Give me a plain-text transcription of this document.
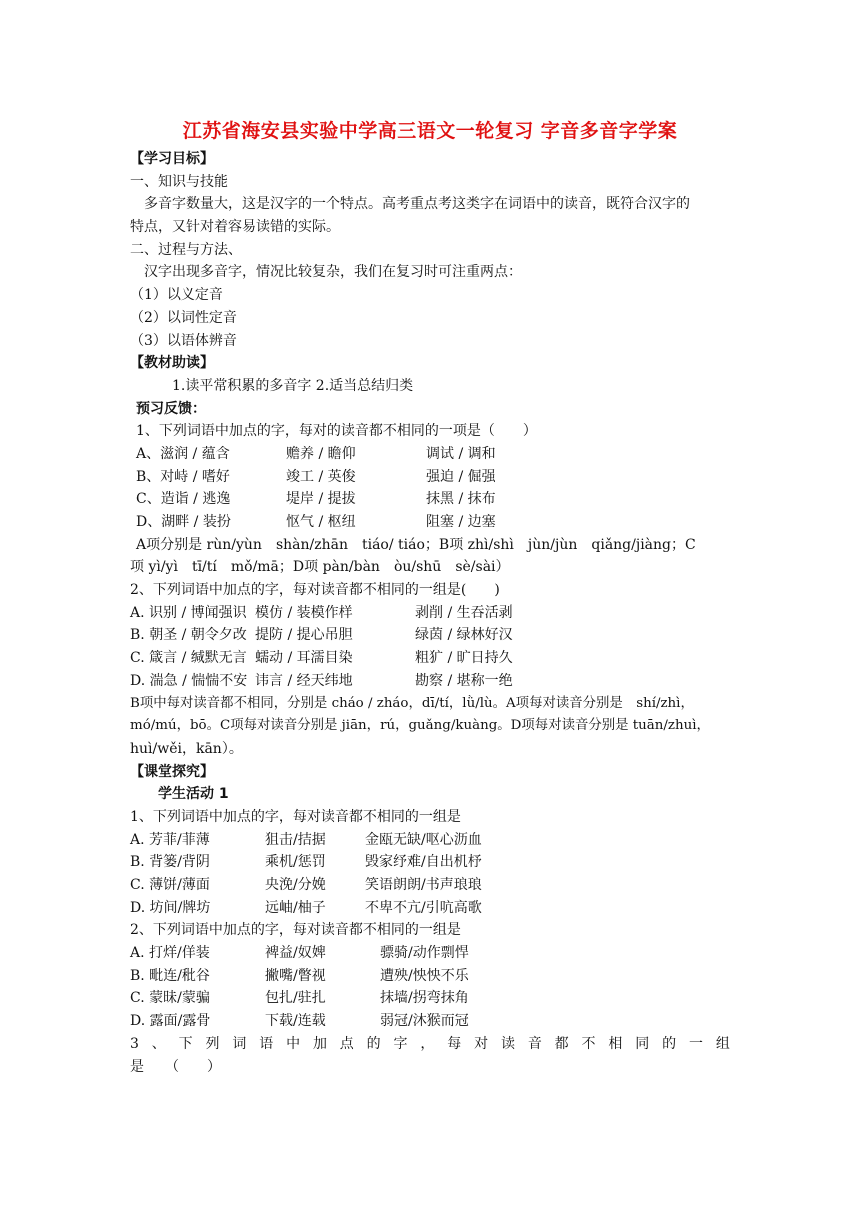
江苏省海安县实验中学高三语文一轮复习 字音多音字学案
【学习目标】
一、知识与技能
多音字数量大，这是汉字的一个特点。高考重点考这类字在词语中的读音，既符合汉字的
特点，又针对着容易读错的实际。
二、过程与方法、
汉字出现多音字，情况比较复杂，我们在复习时可注重两点：
（1）以义定音
（2）以词性定音
（3）以语体辨音
【教材助读】
1.读平常积累的多音字 2.适当总结归类
预习反馈：
1、下列词语中加点的字，每对的读音都不相同的一项是（　　）
A、滋润 / 蕴含	赡养 / 瞻仰	调试 / 调和
B、对峙 / 嗜好	竣工 / 英俊	强迫 / 倔强
C、造诣 / 逃逸	堤岸 / 提拔	抹黑 / 抹布
D、湖畔 / 装扮	怄气 / 枢纽	阻塞 / 边塞
A项分别是 rùn/yùn　shàn/zhān　tiáo/ tiáo；B项 zhì/shì　jùn/jùn　qiǎng/jiàng；C
项 yì/yì　tī/tí　mǒ/mā；D项 pàn/bàn　òu/shū　sè/sài）
2、下列词语中加点的字，每对读音都不相同的一组是(　　)
A. 识别 / 博闻强识 模仿 / 装模作样	剥削 / 生吞活剥
B. 朝圣 / 朝令夕改 提防 / 提心吊胆	绿茵 / 绿林好汉
C. 箴言 / 缄默无言 蠕动 / 耳濡目染	粗犷 / 旷日持久
D. 湍急 / 惴惴不安 讳言 / 经天纬地	勘察 / 堪称一绝
B项中每对读音都不相同，分别是 cháo / zháo，dī/tí，lǜ/lù。A项每对读音分别是　shí/zhì，
mó/mú，bō。C项每对读音分别是 jiān，rú，guǎng/kuàng。D项每对读音分别是 tuān/zhuì，
huì/wěi，kān）。
【课堂探究】
学生活动 1
1、下列词语中加点的字，每对读音都不相同的一组是
A. 芳菲/菲薄	狙击/拮据	金瓯无缺/呕心沥血
B. 背篓/背阴	乘机/惩罚	毁家纾难/自出机杼
C. 薄饼/薄面	央浼/分娩	笑语朗朗/书声琅琅
D. 坊间/牌坊	远岫/柚子	不卑不亢/引吭高歌
2、下列词语中加点的字，每对读音都不相同的一组是
A. 打烊/佯装	裨益/奴婢	骠骑/动作剽悍
B. 毗连/秕谷	撇嘴/瞥视	遭殃/怏怏不乐
C. 蒙昧/蒙骗	包扎/驻扎	抹墙/拐弯抹角
D. 露面/露骨	下载/连载	弱冠/沐猴而冠
3 、 下 列 词 语 中 加 点 的 字 ， 每 对 读 音 都 不 相 同 的 一 组
是　　（　　）
